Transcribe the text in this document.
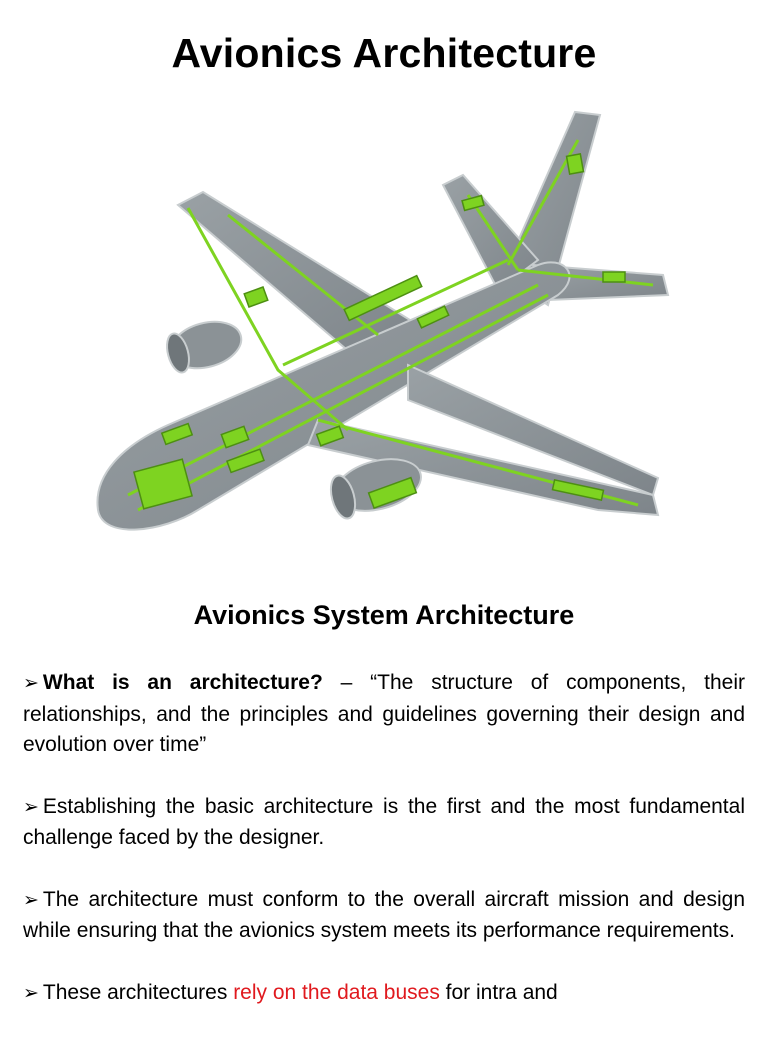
Avionics Architecture
Avionics System Architecture

➢ What is an architecture? – “The structure of components, their relationships, and the principles and guidelines governing their design and evolution over time”

➢ Establishing the basic architecture is the first and the most fundamental challenge faced by the designer.

➢ The architecture must conform to the overall aircraft mission and design while ensuring that the avionics system meets its performance requirements.

➢ These architectures rely on the data buses for intra and
